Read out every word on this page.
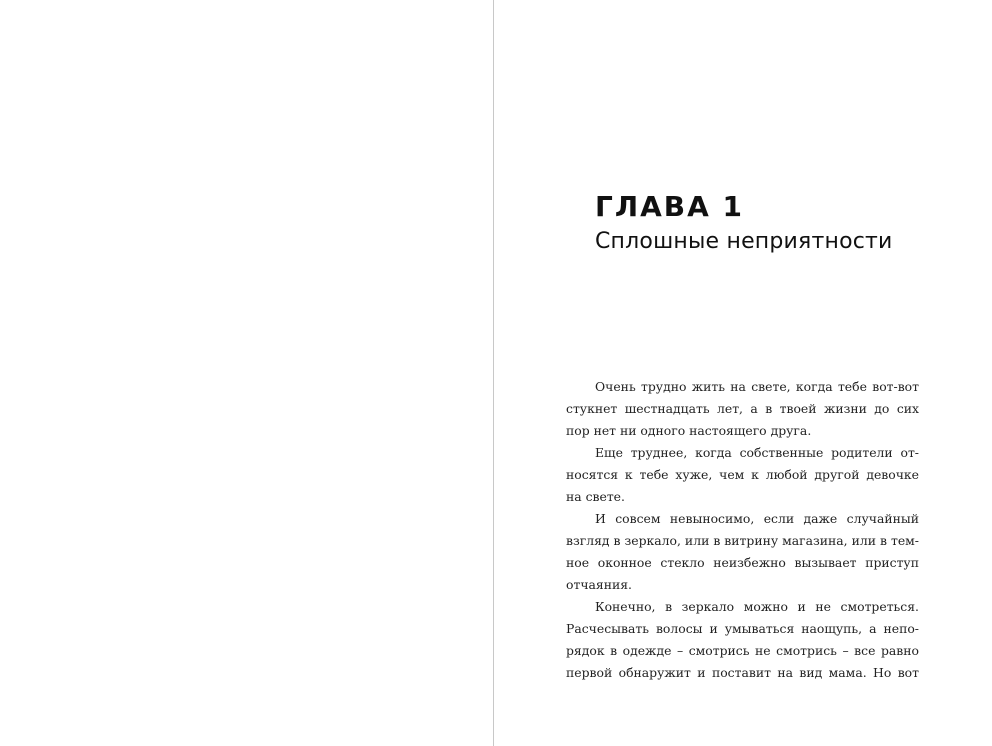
ГЛАВА 1
Сплошные неприятности
Очень трудно жить на свете, когда тебе вот-вот
стукнет шестнадцать лет, а в твоей жизни до сих
пор нет ни одного настоящего друга.
Еще труднее, когда собственные родители от-
носятся к тебе хуже, чем к любой другой девочке
на свете.
И совсем невыносимо, если даже случайный
взгляд в зеркало, или в витрину магазина, или в тем-
ное оконное стекло неизбежно вызывает приступ
отчаяния.
Конечно, в зеркало можно и не смотреться.
Расчесывать волосы и умываться наощупь, а непо-
рядок в одежде – смотрись не смотрись – все равно
первой обнаружит и поставит на вид мама. Но вот
